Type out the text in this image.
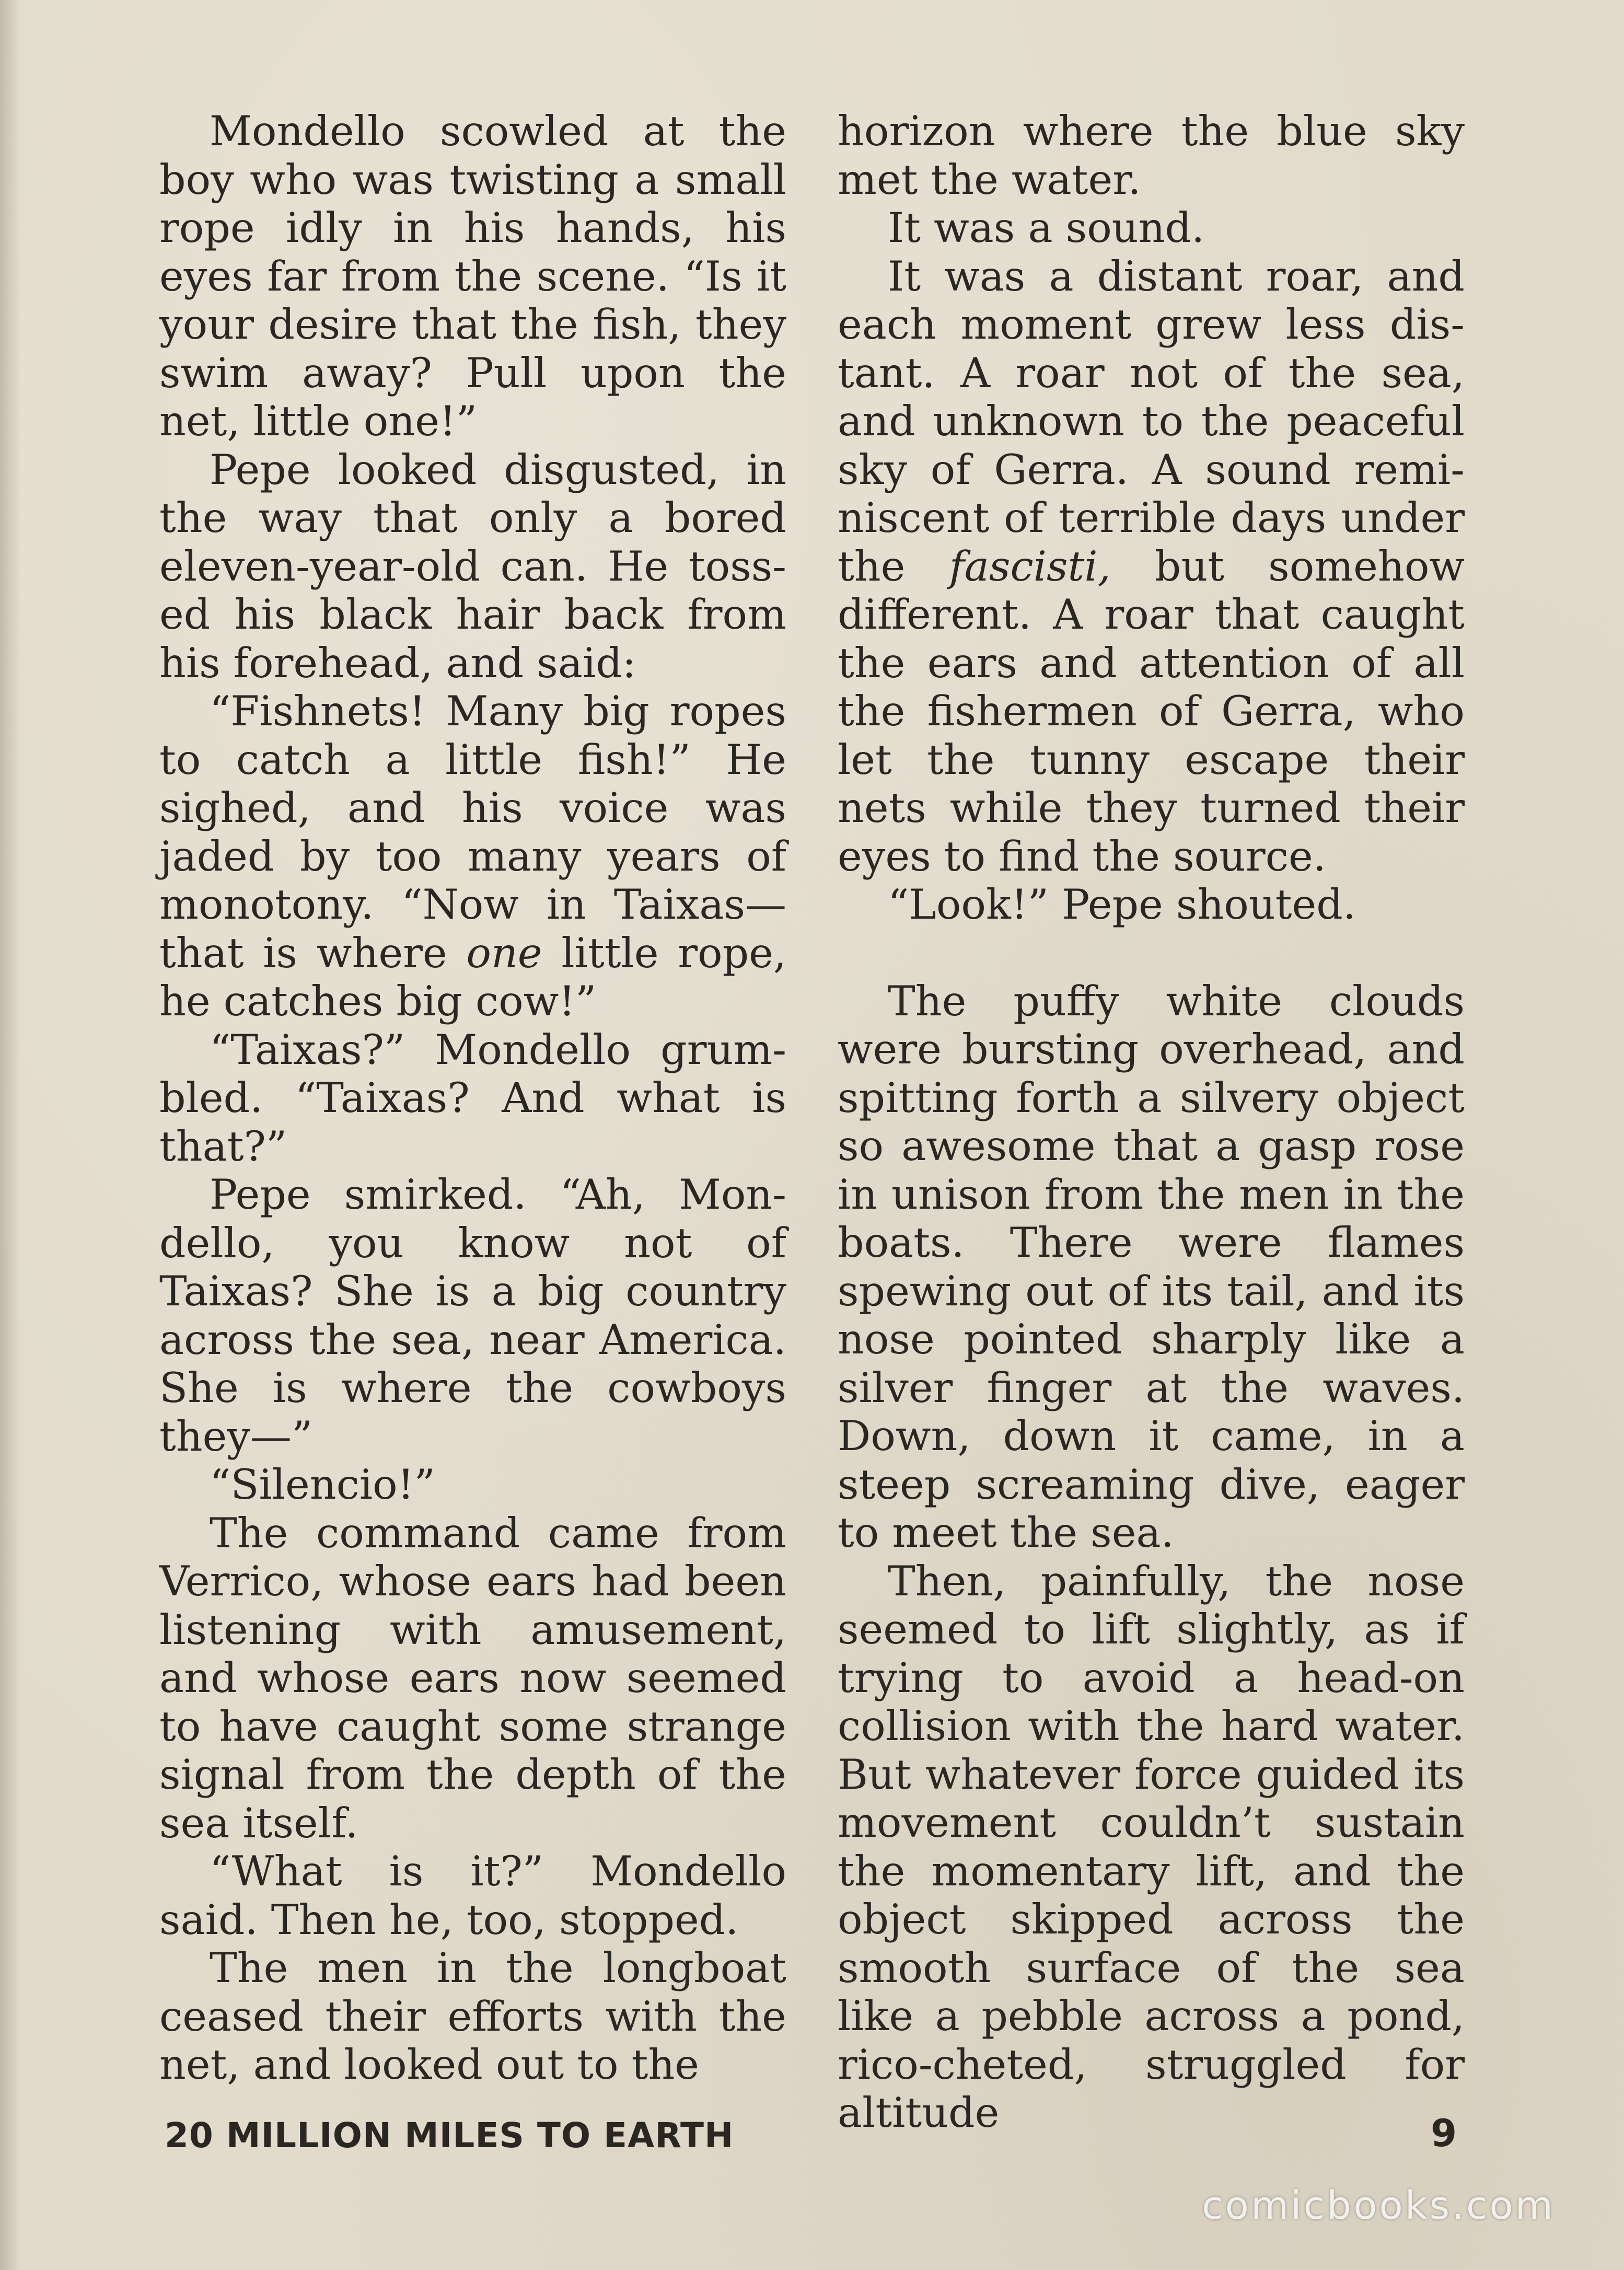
Mondello scowled at the boy who was twisting a small rope idly in his hands, his eyes far from the scene. “Is it your desire that the fish, they swim away? Pull upon the net, little one!”

Pepe looked disgusted, in the way that only a bored eleven-year-old can. He toss-ed his black hair back from his forehead, and said:

“Fishnets! Many big ropes to catch a little fish!” He sighed, and his voice was jaded by too many years of monotony. “Now in Taixas—that is where one little rope, he catches big cow!”

“Taixas?” Mondello grum-bled. “Taixas? And what is that?”

Pepe smirked. “Ah, Mon-dello, you know not of Taixas? She is a big country across the sea, near America. She is where the cowboys they—”

“Silencio!”

The command came from Verrico, whose ears had been listening with amusement, and whose ears now seemed to have caught some strange signal from the depth of the sea itself.

“What is it?” Mondello said. Then he, too, stopped.

The men in the longboat ceased their efforts with the net, and looked out to the

horizon where the blue sky met the water.

It was a sound.

It was a distant roar, and each moment grew less dis-tant. A roar not of the sea, and unknown to the peaceful sky of Gerra. A sound remi-niscent of terrible days under the fascisti, but somehow different. A roar that caught the ears and attention of all the fishermen of Gerra, who let the tunny escape their nets while they turned their eyes to find the source.

“Look!” Pepe shouted.

The puffy white clouds were bursting overhead, and spitting forth a silvery object so awesome that a gasp rose in unison from the men in the boats. There were flames spewing out of its tail, and its nose pointed sharply like a silver finger at the waves. Down, down it came, in a steep screaming dive, eager to meet the sea.

Then, painfully, the nose seemed to lift slightly, as if trying to avoid a head-on collision with the hard water. But whatever force guided its movement couldn’t sustain the momentary lift, and the object skipped across the smooth surface of the sea like a pebble across a pond, rico-cheted, struggled for altitude

20 MILLION MILES TO EARTH	9
comicbooks.com
